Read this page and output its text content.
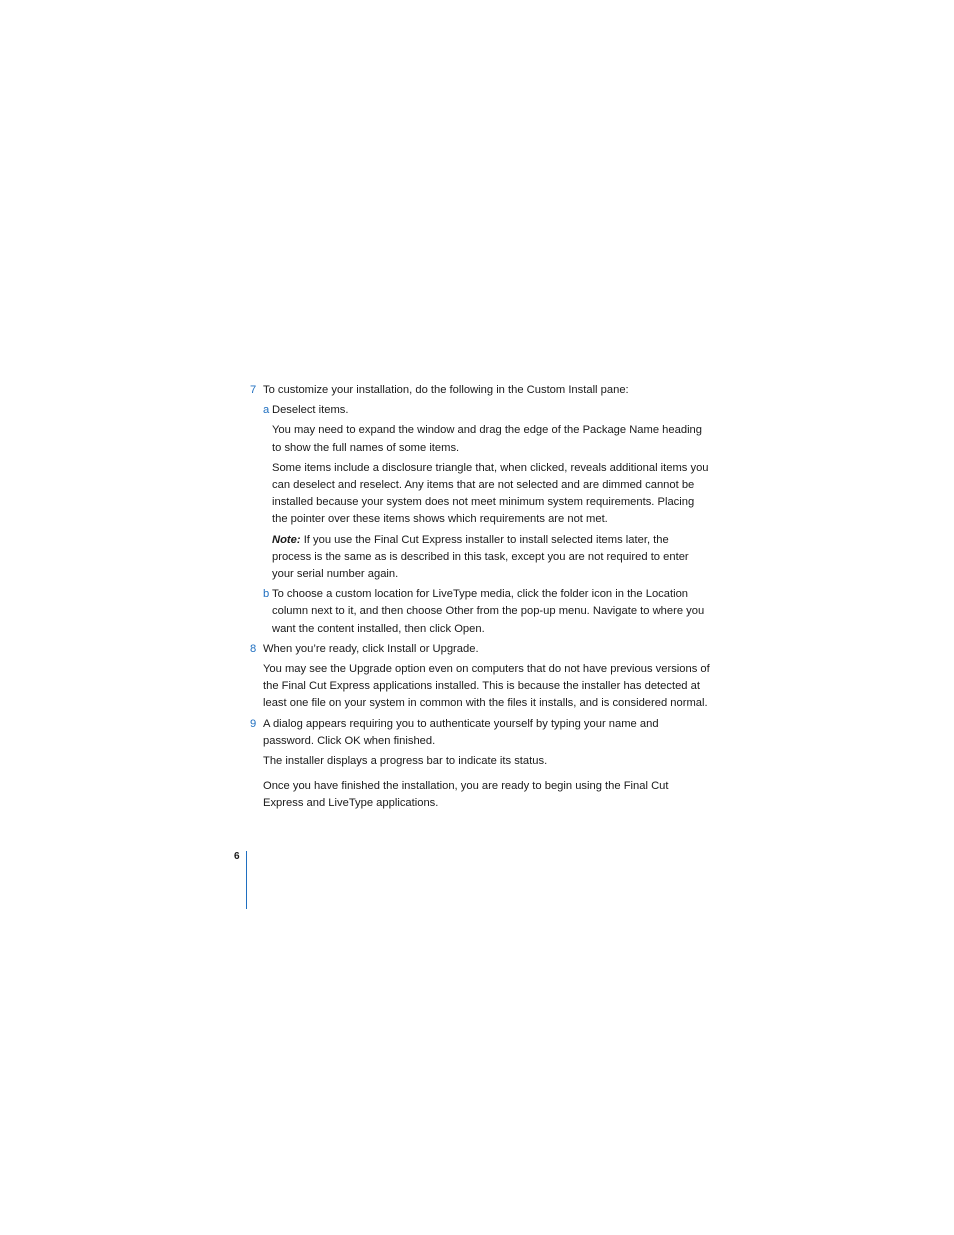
7 To customize your installation, do the following in the Custom Install pane:
a Deselect items.

You may need to expand the window and drag the edge of the Package Name heading to show the full names of some items.

Some items include a disclosure triangle that, when clicked, reveals additional items you can deselect and reselect. Any items that are not selected and are dimmed cannot be installed because your system does not meet minimum system requirements. Placing the pointer over these items shows which requirements are not met.

Note: If you use the Final Cut Express installer to install selected items later, the process is the same as is described in this task, except you are not required to enter your serial number again.

b To choose a custom location for LiveType media, click the folder icon in the Location column next to it, and then choose Other from the pop-up menu. Navigate to where you want the content installed, then click Open.
8 When you’re ready, click Install or Upgrade.

You may see the Upgrade option even on computers that do not have previous versions of the Final Cut Express applications installed. This is because the installer has detected at least one file on your system in common with the files it installs, and is considered normal.

9 A dialog appears requiring you to authenticate yourself by typing your name and password. Click OK when finished.

The installer displays a progress bar to indicate its status.

Once you have finished the installation, you are ready to begin using the Final Cut Express and LiveType applications.

6
